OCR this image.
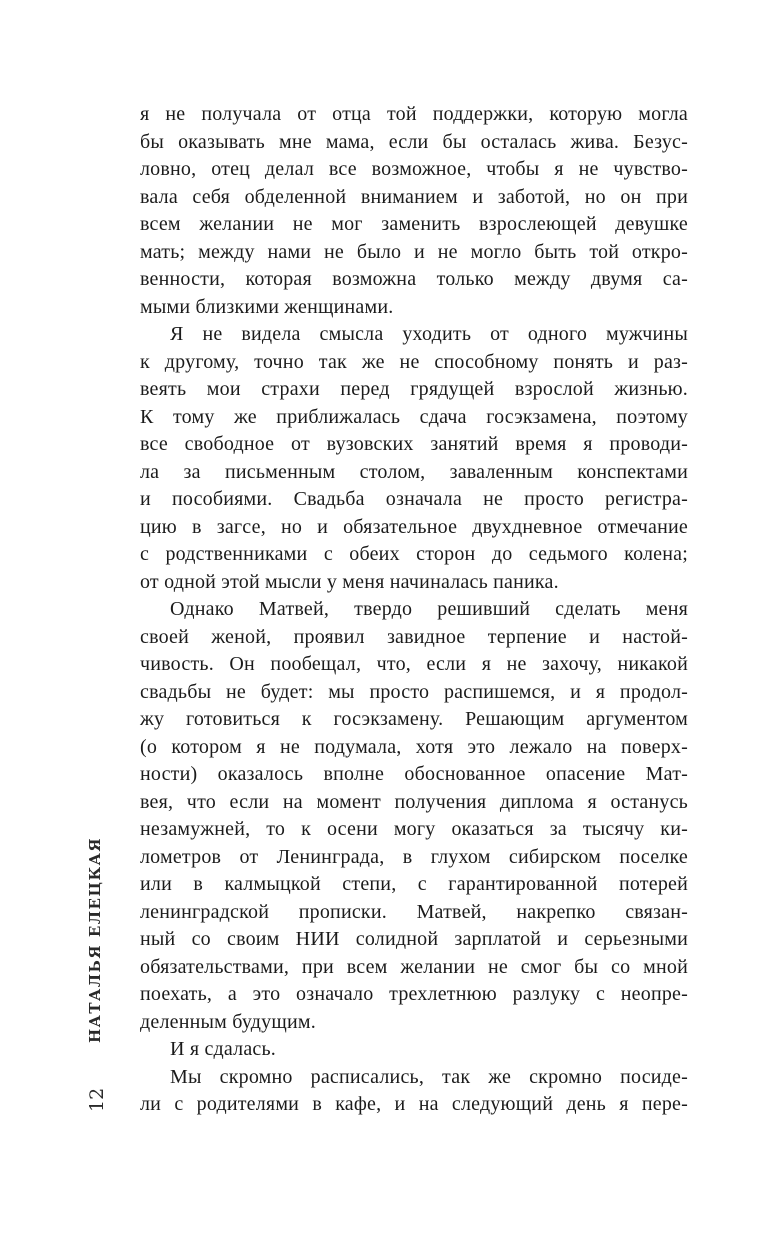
НАТАЛЬЯ ЕЛЕЦКАЯ
12
я не получала от отца той поддержки, которую могла
бы оказывать мне мама, если бы осталась жива. Безус-
ловно, отец делал все возможное, чтобы я не чувство-
вала себя обделенной вниманием и заботой, но он при
всем желании не мог заменить взрослеющей девушке
мать; между нами не было и не могло быть той откро-
венности, которая возможна только между двумя са-
мыми близкими женщинами.
Я не видела смысла уходить от одного мужчины
к другому, точно так же не способному понять и раз-
веять мои страхи перед грядущей взрослой жизнью.
К тому же приближалась сдача госэкзамена, поэтому
все свободное от вузовских занятий время я проводи-
ла за письменным столом, заваленным конспектами
и пособиями. Свадьба означала не просто регистра-
цию в загсе, но и обязательное двухдневное отмечание
с родственниками с обеих сторон до седьмого колена;
от одной этой мысли у меня начиналась паника.
Однако Матвей, твердо решивший сделать меня
своей женой, проявил завидное терпение и настой-
чивость. Он пообещал, что, если я не захочу, никакой
свадьбы не будет: мы просто распишемся, и я продол-
жу готовиться к госэкзамену. Решающим аргументом
(о котором я не подумала, хотя это лежало на поверх-
ности) оказалось вполне обоснованное опасение Мат-
вея, что если на момент получения диплома я останусь
незамужней, то к осени могу оказаться за тысячу ки-
лометров от Ленинграда, в глухом сибирском поселке
или в калмыцкой степи, с гарантированной потерей
ленинградской прописки. Матвей, накрепко связан-
ный со своим НИИ солидной зарплатой и серьезными
обязательствами, при всем желании не смог бы со мной
поехать, а это означало трехлетнюю разлуку с неопре-
деленным будущим.
И я сдалась.
Мы скромно расписались, так же скромно посиде-
ли с родителями в кафе, и на следующий день я пере-
